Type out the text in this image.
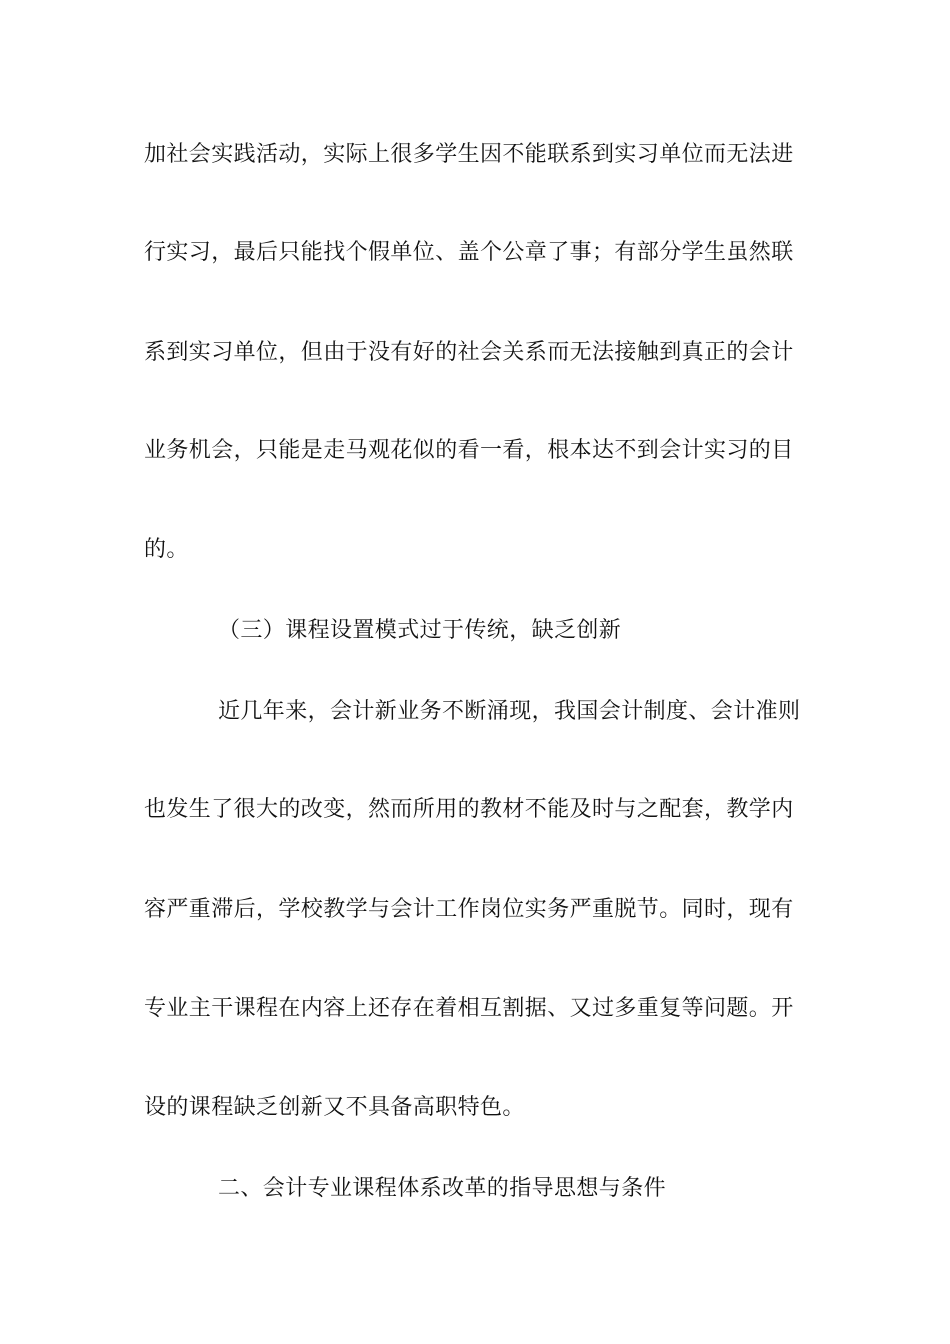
加社会实践活动，实际上很多学生因不能联系到实习单位而无法进
行实习，最后只能找个假单位、盖个公章了事；有部分学生虽然联
系到实习单位，但由于没有好的社会关系而无法接触到真正的会计
业务机会，只能是走马观花似的看一看，根本达不到会计实习的目
的。
（三）课程设置模式过于传统，缺乏创新
近几年来，会计新业务不断涌现，我国会计制度、会计准则
也发生了很大的改变，然而所用的教材不能及时与之配套，教学内
容严重滞后，学校教学与会计工作岗位实务严重脱节。同时，现有
专业主干课程在内容上还存在着相互割据、又过多重复等问题。开
设的课程缺乏创新又不具备高职特色。
二、会计专业课程体系改革的指导思想与条件
